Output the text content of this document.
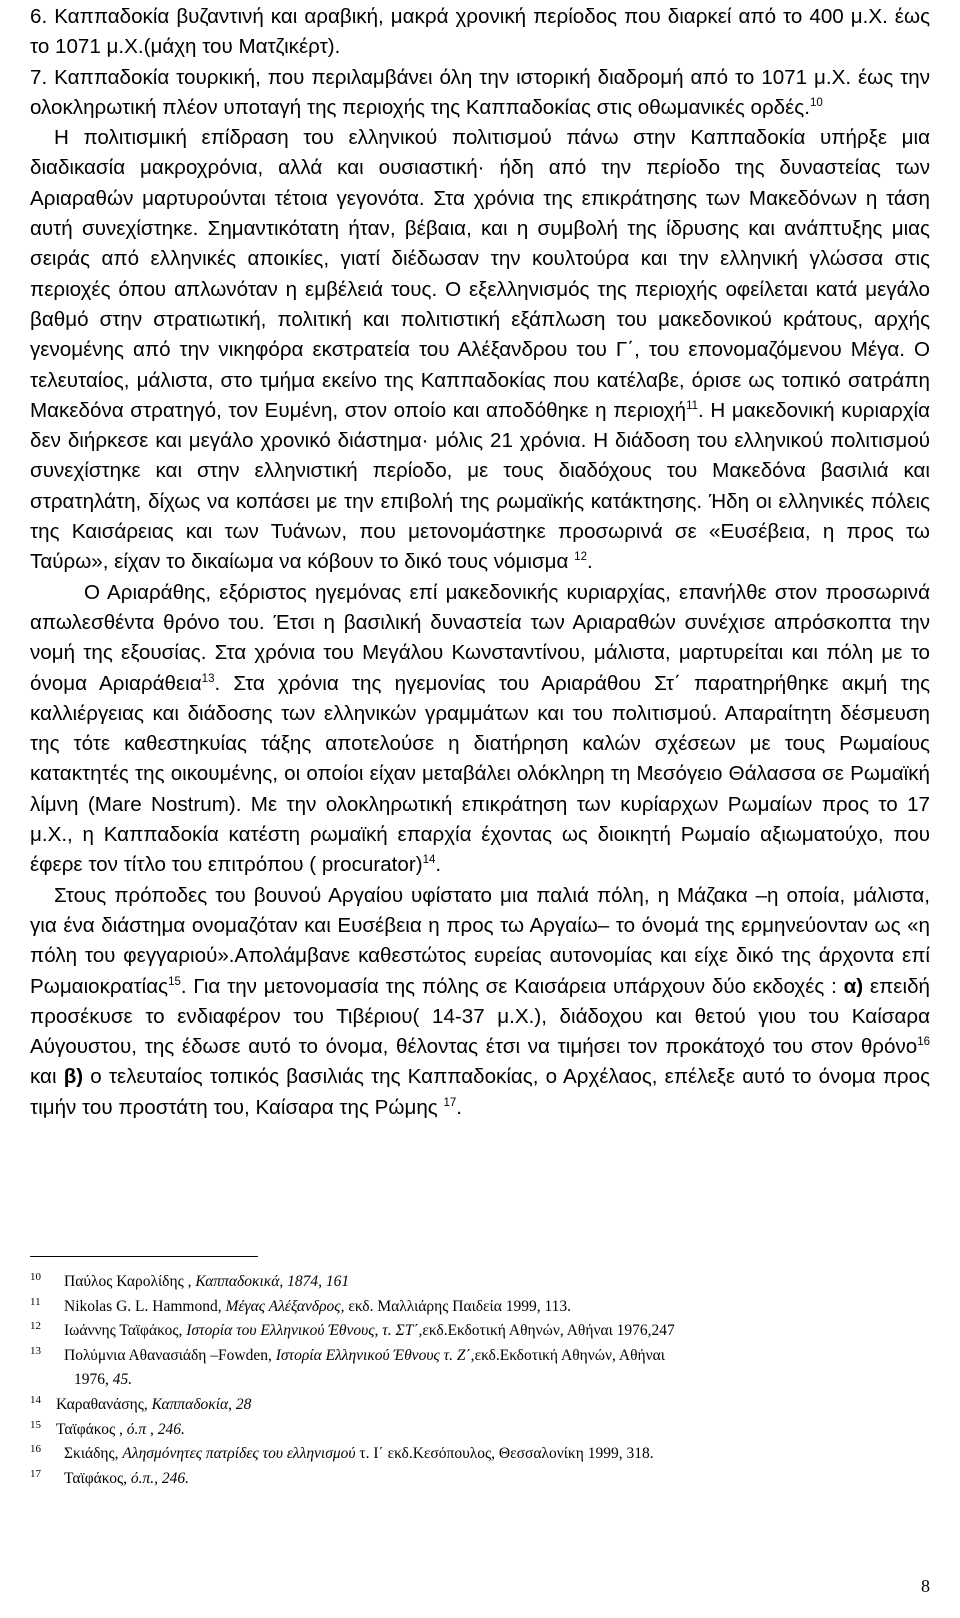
6. Καππαδοκία βυζαντινή και αραβική, μακρά χρονική περίοδος που διαρκεί από το 400 μ.Χ. έως το 1071 μ.Χ.(μάχη του Ματζικέρτ).

7. Καππαδοκία τουρκική, που περιλαμβάνει όλη την ιστορική διαδρομή από το 1071 μ.Χ. έως την ολοκληρωτική πλέον υποταγή της περιοχής της Καππαδοκίας στις οθωμανικές ορδές.$^{10}$

Η πολιτισμική επίδραση του ελληνικού πολιτισμού πάνω στην Καππαδοκία υπήρξε μια διαδικασία μακροχρόνια, αλλά και ουσιαστική· ήδη από την περίοδο της δυναστείας των Αριαραθών μαρτυρούνται τέτοια γεγονότα. Στα χρόνια της επικράτησης των Μακεδόνων η τάση αυτή συνεχίστηκε. Σημαντικότατη ήταν, βέβαια, και η συμβολή της ίδρυσης και ανάπτυξης μιας σειράς από ελληνικές αποικίες, γιατί διέδωσαν την κουλτούρα και την ελληνική γλώσσα στις περιοχές όπου απλωνόταν η εμβέλειά τους. Ο εξελληνισμός της περιοχής οφείλεται κατά μεγάλο βαθμό στην στρατιωτική, πολιτική και πολιτιστική εξάπλωση του μακεδονικού κράτους, αρχής γενομένης από την νικηφόρα εκστρατεία του Αλέξανδρου του Γ΄, του επονομαζόμενου Μέγα. Ο τελευταίος, μάλιστα, στο τμήμα εκείνο της Καππαδοκίας που κατέλαβε, όρισε ως τοπικό σατράπη Μακεδόνα στρατηγό, τον Ευμένη, στον οποίο και αποδόθηκε η περιοχή$^{11}$. Η μακεδονική κυριαρχία δεν διήρκεσε και μεγάλο χρονικό διάστημα· μόλις 21 χρόνια. Η διάδοση του ελληνικού πολιτισμού συνεχίστηκε και στην ελληνιστική περίοδο, με τους διαδόχους του Μακεδόνα βασιλιά και στρατηλάτη, δίχως να κοπάσει με την επιβολή της ρωμαϊκής κατάκτησης. Ήδη οι ελληνικές πόλεις της Καισάρειας και των Τυάνων, που μετονομάστηκε προσωρινά σε «Ευσέβεια, η προς τω Ταύρω», είχαν το δικαίωμα να κόβουν το δικό τους νόμισμα $^{12}$.

Ο Αριαράθης, εξόριστος ηγεμόνας επί μακεδονικής κυριαρχίας, επανήλθε στον προσωρινά απωλεσθέντα θρόνο του. Έτσι η βασιλική δυναστεία των Αριαραθών συνέχισε απρόσκοπτα την νομή της εξουσίας. Στα χρόνια του Μεγάλου Κωνσταντίνου, μάλιστα, μαρτυρείται και πόλη με το όνομα Αριαράθεια$^{13}$. Στα χρόνια της ηγεμονίας του Αριαράθου Στ΄ παρατηρήθηκε ακμή της καλλιέργειας και διάδοσης των ελληνικών γραμμάτων και του πολιτισμού. Απαραίτητη δέσμευση της τότε καθεστηκυίας τάξης αποτελούσε η διατήρηση καλών σχέσεων με τους Ρωμαίους κατακτητές της οικουμένης, οι οποίοι είχαν μεταβάλει ολόκληρη τη Μεσόγειο Θάλασσα σε Ρωμαϊκή λίμνη (Mare Nostrum). Με την ολοκληρωτική επικράτηση των κυρίαρχων Ρωμαίων προς το 17 μ.Χ., η Καππαδοκία κατέστη ρωμαϊκή επαρχία έχοντας ως διοικητή Ρωμαίο αξιωματούχο, που έφερε τον τίτλο του επιτρόπου ( procurator)$^{14}$.

Στους πρόποδες του βουνού Αργαίου υφίστατο μια παλιά πόλη, η Μάζακα –η οποία, μάλιστα, για ένα διάστημα ονομαζόταν και Ευσέβεια η προς τω Αργαίω– το όνομά της ερμηνεύονταν ως «η πόλη του φεγγαριού».Απολάμβανε καθεστώτος ευρείας αυτονομίας και είχε δικό της άρχοντα επί Ρωμαιοκρατίας$^{15}$. Για την μετονομασία της πόλης σε Καισάρεια υπάρχουν δύο εκδοχές : α) επειδή προσέκυσε το ενδιαφέρον του Τιβέριου( 14-37 μ.Χ.), διάδοχου και θετού γιου του Καίσαρα Αύγουστου, της έδωσε αυτό το όνομα, θέλοντας έτσι να τιμήσει τον προκάτοχό του στον θρόνο$^{16}$ και β) ο τελευταίος τοπικός βασιλιάς της Καππαδοκίας, ο Αρχέλαος, επέλεξε αυτό το όνομα προς τιμήν του προστάτη του, Καίσαρα της Ρώμης $^{17}$.

10 Παύλος Καρολίδης , Καππαδοκικά, 1874, 161
11 Nikolas G. L. Hammond, Μέγας Αλέξανδρος, εκδ. Μαλλιάρης Παιδεία 1999, 113.
12 Ιωάννης Ταϊφάκος, Ιστορία του Ελληνικού Έθνους, τ. ΣΤ΄,εκδ.Εκδοτική Αθηνών, Αθήναι 1976,247
13 Πολύμνια Αθανασιάδη –Fowden, Ιστορία Ελληνικού Έθνους τ. Ζ΄,εκδ.Εκδοτική Αθηνών, Αθήναι
1976, 45.
14 Καραθανάσης, Καππαδοκία, 28
15 Ταϊφάκος , ό.π , 246.
16 Σκιάδης, Αλησμόνητες πατρίδες του ελληνισμού τ. Ι΄ εκδ.Κεσόπουλος, Θεσσαλονίκη 1999, 318.
17 Ταϊφάκος, ό.π., 246.
8
